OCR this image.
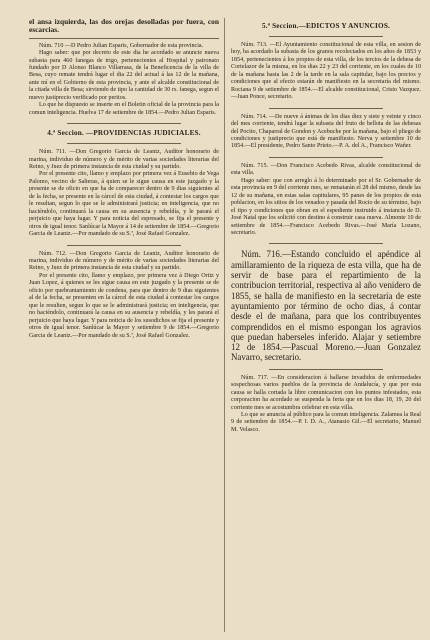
el ansa izquierda, las dos orejas desolladas por fuera, con escarcias.

Núm. 710 —D Pedro Julian Esparis, Gobernador de esta provincia.

Hago saber: que por decreto de este dia he acordado se anuncie nueva subasta para 460 fanegas de trigo, pertenecientes al Hospital y patronato fundado por D Alonso Blanco Villarrasa, de la Beneficencia de la villa de Besa, cuyo remate tendrá lugar el dia 22 del actual á las 12 de la mañana, ante mí en el Gobierno de esta provincia, y ante el alcalde constitucional de la citada villa de Besa; sirviendo de tipo la cantidad de 30 rs. fanega, segun el nuevo justiprecio verificado por peritos.

Lo que he dispuesto se inserte en el Boletin oficial de la provincia para la comun inteligencia. Huelva 17 de setiembre de 1854.—Pedro Julian Esparis.

4.ª Seccion. —PROVIDENCIAS JUDICIALES.

Núm. 711. —Don Gregorio Garcia de Leaniz, Auditor honorario de marina, individuo de número y de mérito de varias sociedades literarias del Reino, y Juez de primera instancia de esta ciudad y su partido.

Por el presente cito, llamo y emplazo por primera vez á Eusebio de Vega Palomo, vecino de Salteras, á quien se le sigue causa en este juzgado y la presente se de oficio en que ha de comparecer dentro de 9 dias siguientes al de la fecha, se presente en la cárcel de esta ciudad, á contestar los cargos que le resultan, segun lo que se le administrará justicia; en inteligencia, que no haciéndolo, continuará la causa en su ausencia y rebeldía, y le parará el perjuicio que haya lugar. Y para noticia del espresado, se fija el presente y otros de igual tenor. Sanlúcar la Mayor á 14 de setiembre de 1854.—Gregorio Garcia de Leaniz.—Por mandado de su S.ª, José Rafael Gonzalez.

Núm. 712. —Don Gregorio Garcia de Leaniz, Auditor honorario de marina, individuo de número y de mérito de varias sociedades literarias del Reino, y Juez de primera instancia de esta ciudad y su partido.

Por el presente cito, llamo y emplazo, por primera vez á Diego Ortiz y Juan Lopez, á quienes se les sigue causa en este juzgado y la presente se de oficio por quebrantamiento de condena, para que dentro de 9 dias siguientes al de la fecha, se presenten en la cárcel de esta ciudad á contestar los cargos que le resulten, segun lo que se le administrará justicia; en inteligencia, que no haciéndolo, continuará la causa en su ausencia y rebeldía, y les parará el perjuicio que haya lugar. Y para noticia de los susodichos se fija el presente y otros de igual tenor. Sanlúcar la Mayor y setiembre 9 de 1854.—Gregorio Garcia de Leaniz.—Por mandado de su S.ª, José Rafael Gonzalez.

5.ª Seccion.—EDICTOS Y ANUNCIOS.

Núm. 713. —El Ayuntamiento constitucional de esta villa, en sesion de hoy, ha acordado la subasta de los granos recolectados en los años de 1853 y 1854, pertenecientes á los propios de esta villa, de los tercios de la dehesa de Cortelazor de la misma, en los dias 22 y 23 del corriente, en los cuales de 10 de la mañana hasta las 2 de la tarde en la sala capitular, bajo los precios y condiciones que al efecto estarán de manifiesto en la secretaría del mismo. Rociana 9 de setiembre de 1854.—El alcalde constitucional, Cristo Vazquez.—Juan Ponce, secretario.

Núm. 714. —De nueve á ánimas de los dias diez y siete y veinte y cinco del mes corriente, tendrá lugar la subasta del fruto de bellota de las dehesas del Pocito, Chaparral de Gondon y Acebuche por la mañana, bajo el pliego de condiciones y justiprecio que está de manifiesto. Nerva y setiembre 10 de 1854.—El presidente, Pedro Santo Prieto.—P. A. del A., Francisco Wañer.

Núm. 715. —Don Francisco Acebedo Rivas, alcalde constitucional de esta villa.

Hago saber: que con arreglo á lo determinado por el Sr. Gobernador de esta provincia en 9 del corriente mes, se rematarán el 28 del mismo, desde las 12 de su mañana, en estas salas capitulares, 95 panes de los propios de esta poblacion, en los sitios de los venados y pasada del Rocio de su término, bajo el tipo y condiciones que obran en el espediente instruido á instancia de D. José Natal que los solicitó con destino á construir casa nueva. Almonte 10 de setiembre de 1854.—Francisco Acebedo Rivas.—José María Lozano, secretario.

Núm. 716.—Estando concluido el apéndice al amillaramiento de la riqueza de esta villa, que ha de servir de base para el repartimiento de la contribucion territorial, respectiva al año venidero de 1855, se halla de manifiesto en la secretaría de este ayuntamiento por término de ocho dias, á contar desde el de mañana, para que los contribuyentes comprendidos en el mismo espongan los agravios que puedan haberseles inferido. Alajar y setiembre 12 de 1854.—Pascual Moreno.—Juan Gonzalez Navarro, secretario.

Núm. 717. —En consideracion á hallarse invadidos de enfermedades sospechosas varios pueblos de la provincia de Andalucía, y que por esta causa se halla cortada la libre comunicacion con los puntos infestados, esta corporacion ha acordado se suspenda la feria que en los dias 18, 19, 20 del corriente mes se acostumbra celebrar en esta villa.

Lo que se anuncia al público para la comun inteligencia. Zalamea la Real 9 de setiembre de 1854.—P. I. D. A., Atanasio Gil.—El secretario, Manuel M. Velasco.
